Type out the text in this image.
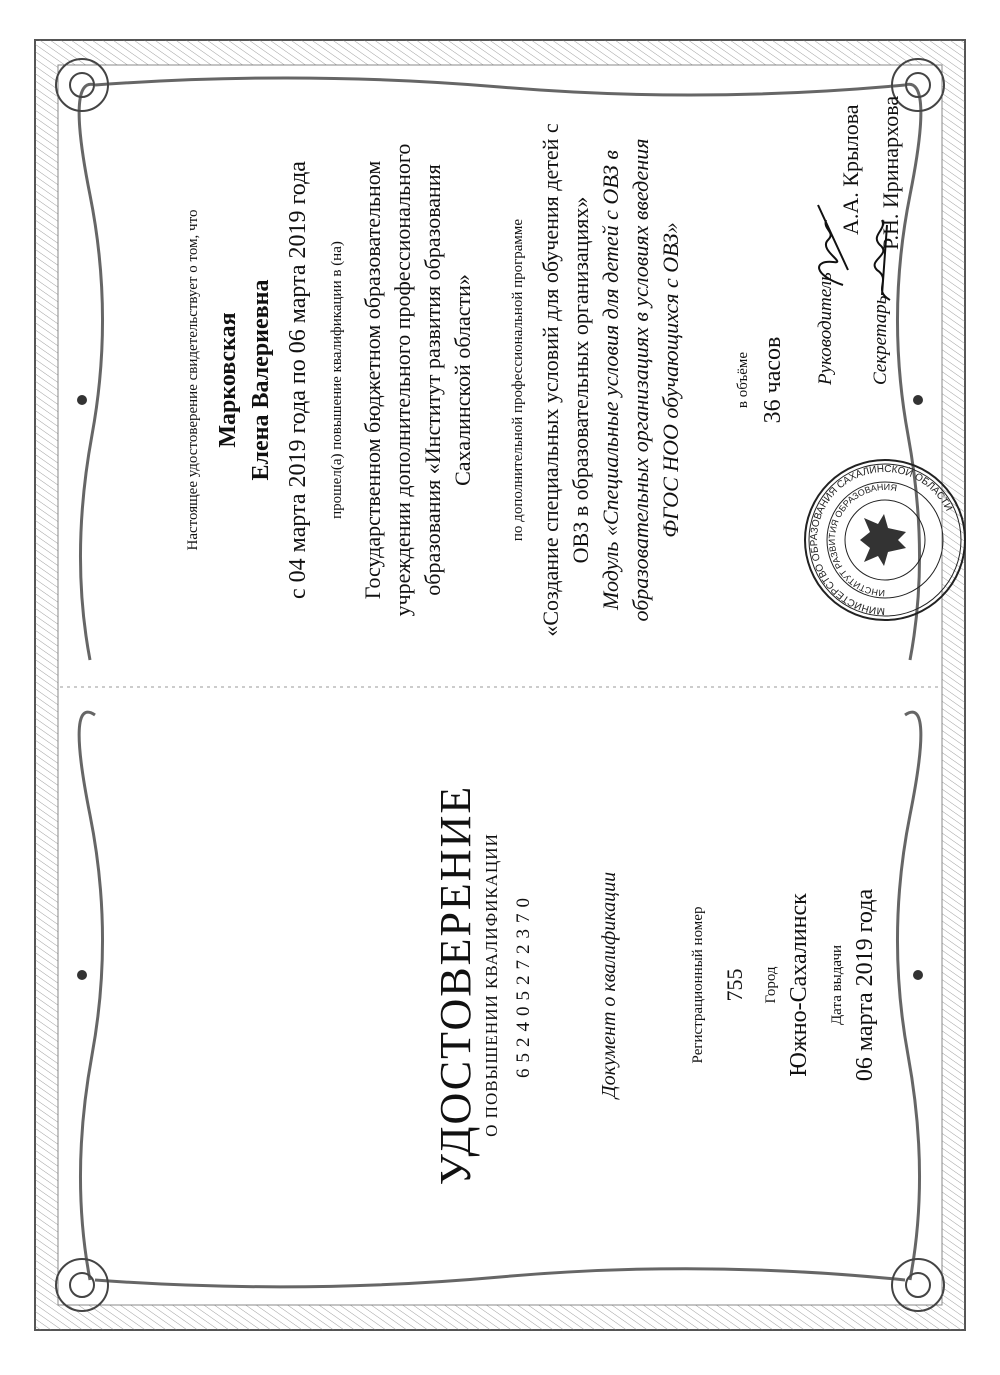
УДОСТОВЕРЕНИЕ О ПОВЫШЕНИИ КВАЛИФИКАЦИИ 652405272370	Документ о квалификации	Регистрационный номер 755 Город Южно-Сахалинск Дата выдачи 06 марта 2019 года
Настоящее удостоверение свидетельствует о том, что Марковская Елена Валериевна с 04 марта 2019 года по 06 марта 2019 года прошел(а) повышение квалификации в (на) Государственном бюджетном образовательном учреждении дополнительного профессионального образования «Институт развития образования Сахалинской области» по дополнительной профессиональной программе «Создание специальных условий для обучения детей с ОВЗ в образовательных организациях» Модуль «Специальные условия для детей с ОВЗ в образовательных организациях в условиях введения ФГОС НОО обучающихся с ОВЗ»	в объёме 36 часов Руководитель
А.А. Крылова
Секретарь
Р.Н. Иринархова
МИНИСТЕРСТВО ОБРАЗОВАНИЯ САХАЛИНСКОЙ ОБЛАСТИ
ИНСТИТУТ РАЗВИТИЯ ОБРАЗОВАНИЯ
